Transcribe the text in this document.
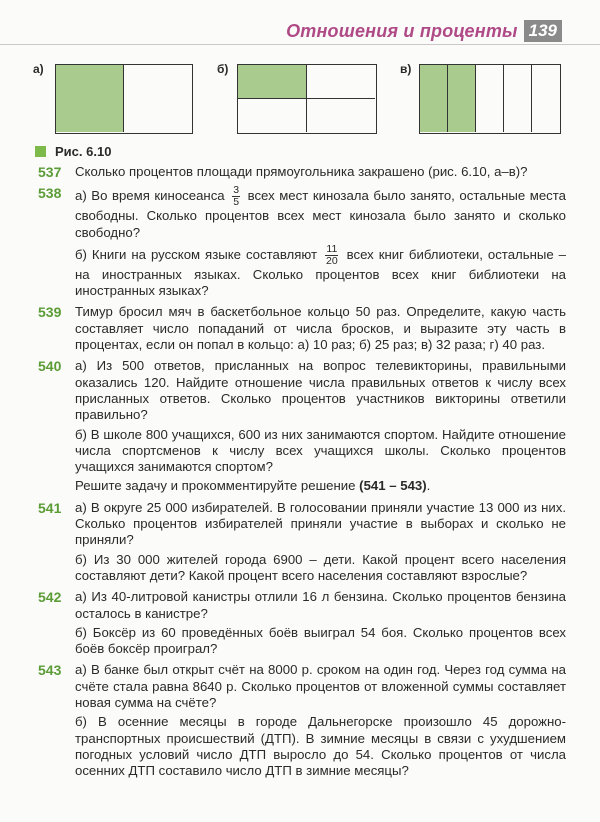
Отношения и проценты 139
а)	б)	в)
Рис. 6.10
537 Сколько процентов площади прямоугольника закрашено (рис. 6.10, а–в)?

538 а) Во время киносеанса $\frac{3}{5}$ всех мест кинозала было занято, остальные места свободны. Сколько процентов всех мест кинозала было занято и сколько свободно?

б) Книги на русском языке составляют $\frac{11}{20}$ всех книг библиотеки, остальные – на иностранных языках. Сколько процентов всех книг библиотеки на иностранных языках?

539 Тимур бросил мяч в баскетбольное кольцо 50 раз. Определите, какую часть составляет число попаданий от числа бросков, и выразите эту часть в процентах, если он попал в кольцо: а) 10 раз; б) 25 раз; в) 32 раза; г) 40 раз.

540 а) Из 500 ответов, присланных на вопрос телевикторины, правильными оказались 120. Найдите отношение числа правильных ответов к числу всех присланных ответов. Сколько процентов участников викторины ответили правильно?

б) В школе 800 учащихся, 600 из них занимаются спортом. Найдите отношение числа спортсменов к числу всех учащихся школы. Сколько процентов учащихся занимаются спортом?

Решите задачу и прокомментируйте решение (541 – 543).

541 а) В округе 25 000 избирателей. В голосовании приняли участие 13 000 из них. Сколько процентов избирателей приняли участие в выборах и сколько не приняли?

б) Из 30 000 жителей города 6900 – дети. Какой процент всего населения составляют дети? Какой процент всего населения составляют взрослые?

542 а) Из 40-литровой канистры отлили 16 л бензина. Сколько процентов бензина осталось в канистре?

б) Боксёр из 60 проведённых боёв выиграл 54 боя. Сколько процентов всех боёв боксёр проиграл?

543 а) В банке был открыт счёт на 8000 р. сроком на один год. Через год сумма на счёте стала равна 8640 р. Сколько процентов от вложенной суммы составляет новая сумма на счёте?

б) В осенние месяцы в городе Дальнегорске произошло 45 дорожно-транспортных происшествий (ДТП). В зимние месяцы в связи с ухудшением погодных условий число ДТП выросло до 54. Сколько процентов от числа осенних ДТП составило число ДТП в зимние месяцы?
